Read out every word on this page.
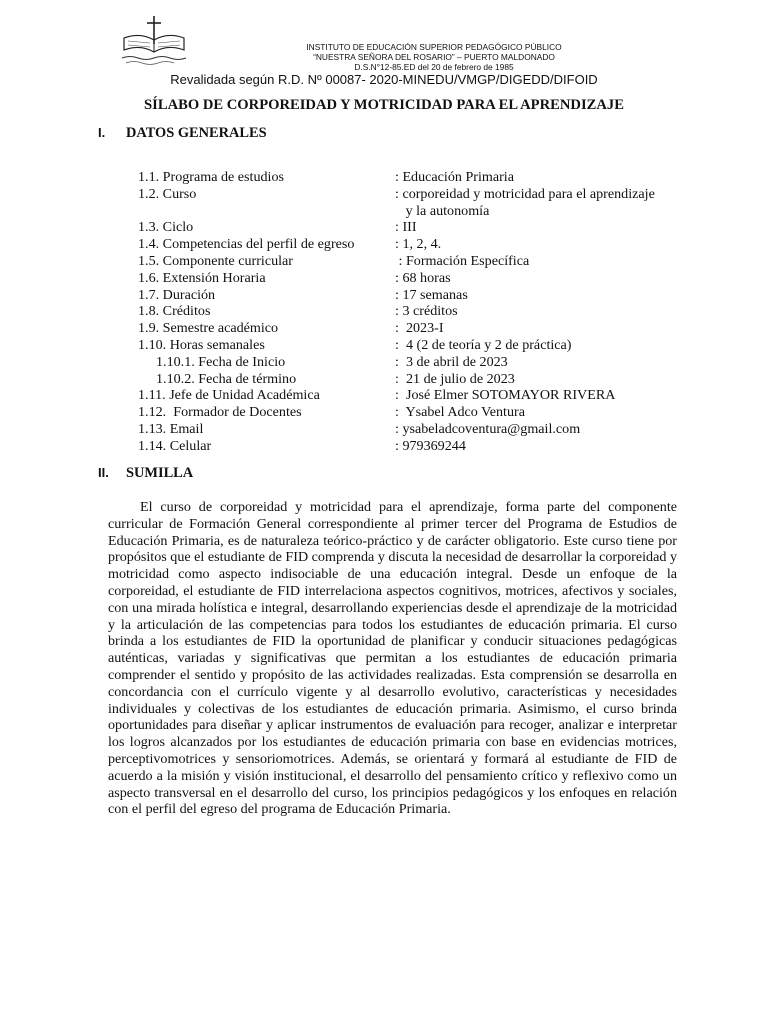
INSTITUTO DE EDUCACIÓN SUPERIOR PEDAGÓGICO PÚBLICO
“NUESTRA SEÑORA DEL ROSARIO” – PUERTO MALDONADO
D.S.N°12-85.ED del 20 de febrero de 1985
Revalidada según R.D. Nº 00087- 2020-MINEDU/VMGP/DIGEDD/DIFOID
SÍLABO DE CORPOREIDAD Y MOTRICIDAD PARA EL APRENDIZAJE
I. DATOS GENERALES
1.1. Programa de estudios	: Educación Primaria
1.2. Curso	: corporeidad y motricidad para el aprendizaje
y la autonomía
1.3. Ciclo	: III
1.4. Competencias del perfil de egreso	: 1, 2, 4.
1.5. Componente curricular	: Formación Específica
1.6. Extensión Horaria	: 68 horas
1.7. Duración	: 17 semanas
1.8. Créditos	: 3 créditos
1.9. Semestre académico	:  2023-I
1.10. Horas semanales	:  4 (2 de teoría y 2 de práctica)
1.10.1. Fecha de Inicio	:  3 de abril de 2023
1.10.2. Fecha de término	:  21 de julio de 2023
1.11. Jefe de Unidad Académica	:  José Elmer SOTOMAYOR RIVERA
1.12.  Formador de Docentes	:  Ysabel Adco Ventura
1.13. Email	: ysabeladcoventura@gmail.com
1.14. Celular	: 979369244
II. SUMILLA
El curso de corporeidad y motricidad para el aprendizaje, forma parte del componente curricular de Formación General correspondiente al primer tercer del Programa de Estudios de Educación Primaria, es de naturaleza teórico-práctico y de carácter obligatorio. Este curso tiene por propósitos que el estudiante de FID comprenda y discuta la necesidad de desarrollar la corporeidad y motricidad como aspecto indisociable de una educación integral. Desde un enfoque de la corporeidad, el estudiante de FID interrelaciona aspectos cognitivos, motrices, afectivos y sociales, con una mirada holística e integral, desarrollando experiencias desde el aprendizaje de la motricidad y la articulación de las competencias para todos los estudiantes de educación primaria. El curso brinda a los estudiantes de FID la oportunidad de planificar y conducir situaciones pedagógicas auténticas, variadas y significativas que permitan a los estudiantes de educación primaria comprender el sentido y propósito de las actividades realizadas. Esta comprensión se desarrolla en concordancia con el currículo vigente y al desarrollo evolutivo, características y necesidades individuales y colectivas de los estudiantes de educación primaria. Asimismo, el curso brinda oportunidades para diseñar y aplicar instrumentos de evaluación para recoger, analizar e interpretar los logros alcanzados por los estudiantes de educación primaria con base en evidencias motrices, perceptivomotrices y sensoriomotrices. Además, se orientará y formará al estudiante de FID de acuerdo a la misión y visión institucional, el desarrollo del pensamiento crítico y reflexivo como un aspecto transversal en el desarrollo del curso, los principios pedagógicos y los enfoques en relación con el perfil del egreso del programa de Educación Primaria.
